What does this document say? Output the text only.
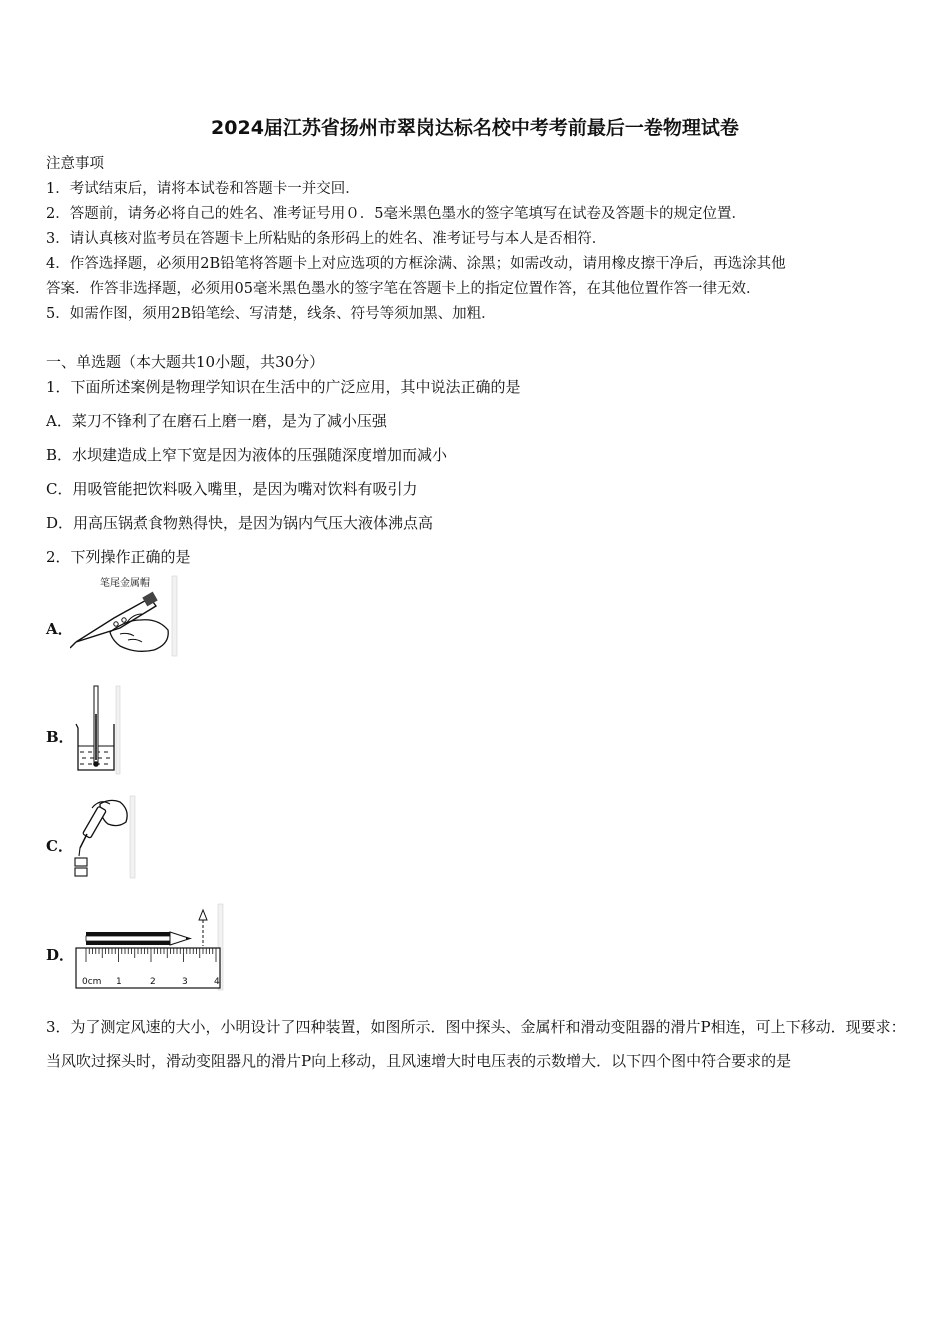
2024届江苏省扬州市翠岗达标名校中考考前最后一卷物理试卷
注意事项
1．考试结束后，请将本试卷和答题卡一并交回．
2．答题前，请务必将自己的姓名、准考证号用０．5毫米黑色墨水的签字笔填写在试卷及答题卡的规定位置．
3．请认真核对监考员在答题卡上所粘贴的条形码上的姓名、准考证号与本人是否相符．
4．作答选择题，必须用2B铅笔将答题卡上对应选项的方框涂满、涂黑；如需改动，请用橡皮擦干净后，再选涂其他
答案．作答非选择题，必须用05毫米黑色墨水的签字笔在答题卡上的指定位置作答，在其他位置作答一律无效．
5．如需作图，须用2B铅笔绘、写清楚，线条、符号等须加黑、加粗．
一、单选题（本大题共10小题，共30分）
1．下面所述案例是物理学知识在生活中的广泛应用，其中说法正确的是
A．菜刀不锋利了在磨石上磨一磨，是为了减小压强
B．水坝建造成上窄下宽是因为液体的压强随深度增加而减小
C．用吸管能把饮料吸入嘴里，是因为嘴对饮料有吸引力
D．用高压锅煮食物熟得快，是因为锅内气压大液体沸点高
2．下列操作正确的是
A．
笔尾金属帽
B．
C．
D．
0cm 1	2	3	4
3．为了测定风速的大小，小明设计了四种装置，如图所示．图中探头、金属杆和滑动变阻器的滑片P相连，可上下移动．现要求：当风吹过探头时，滑动变阻器凡的滑片P向上移动，且风速增大时电压表的示数增大．以下四个图中符合要求的是
